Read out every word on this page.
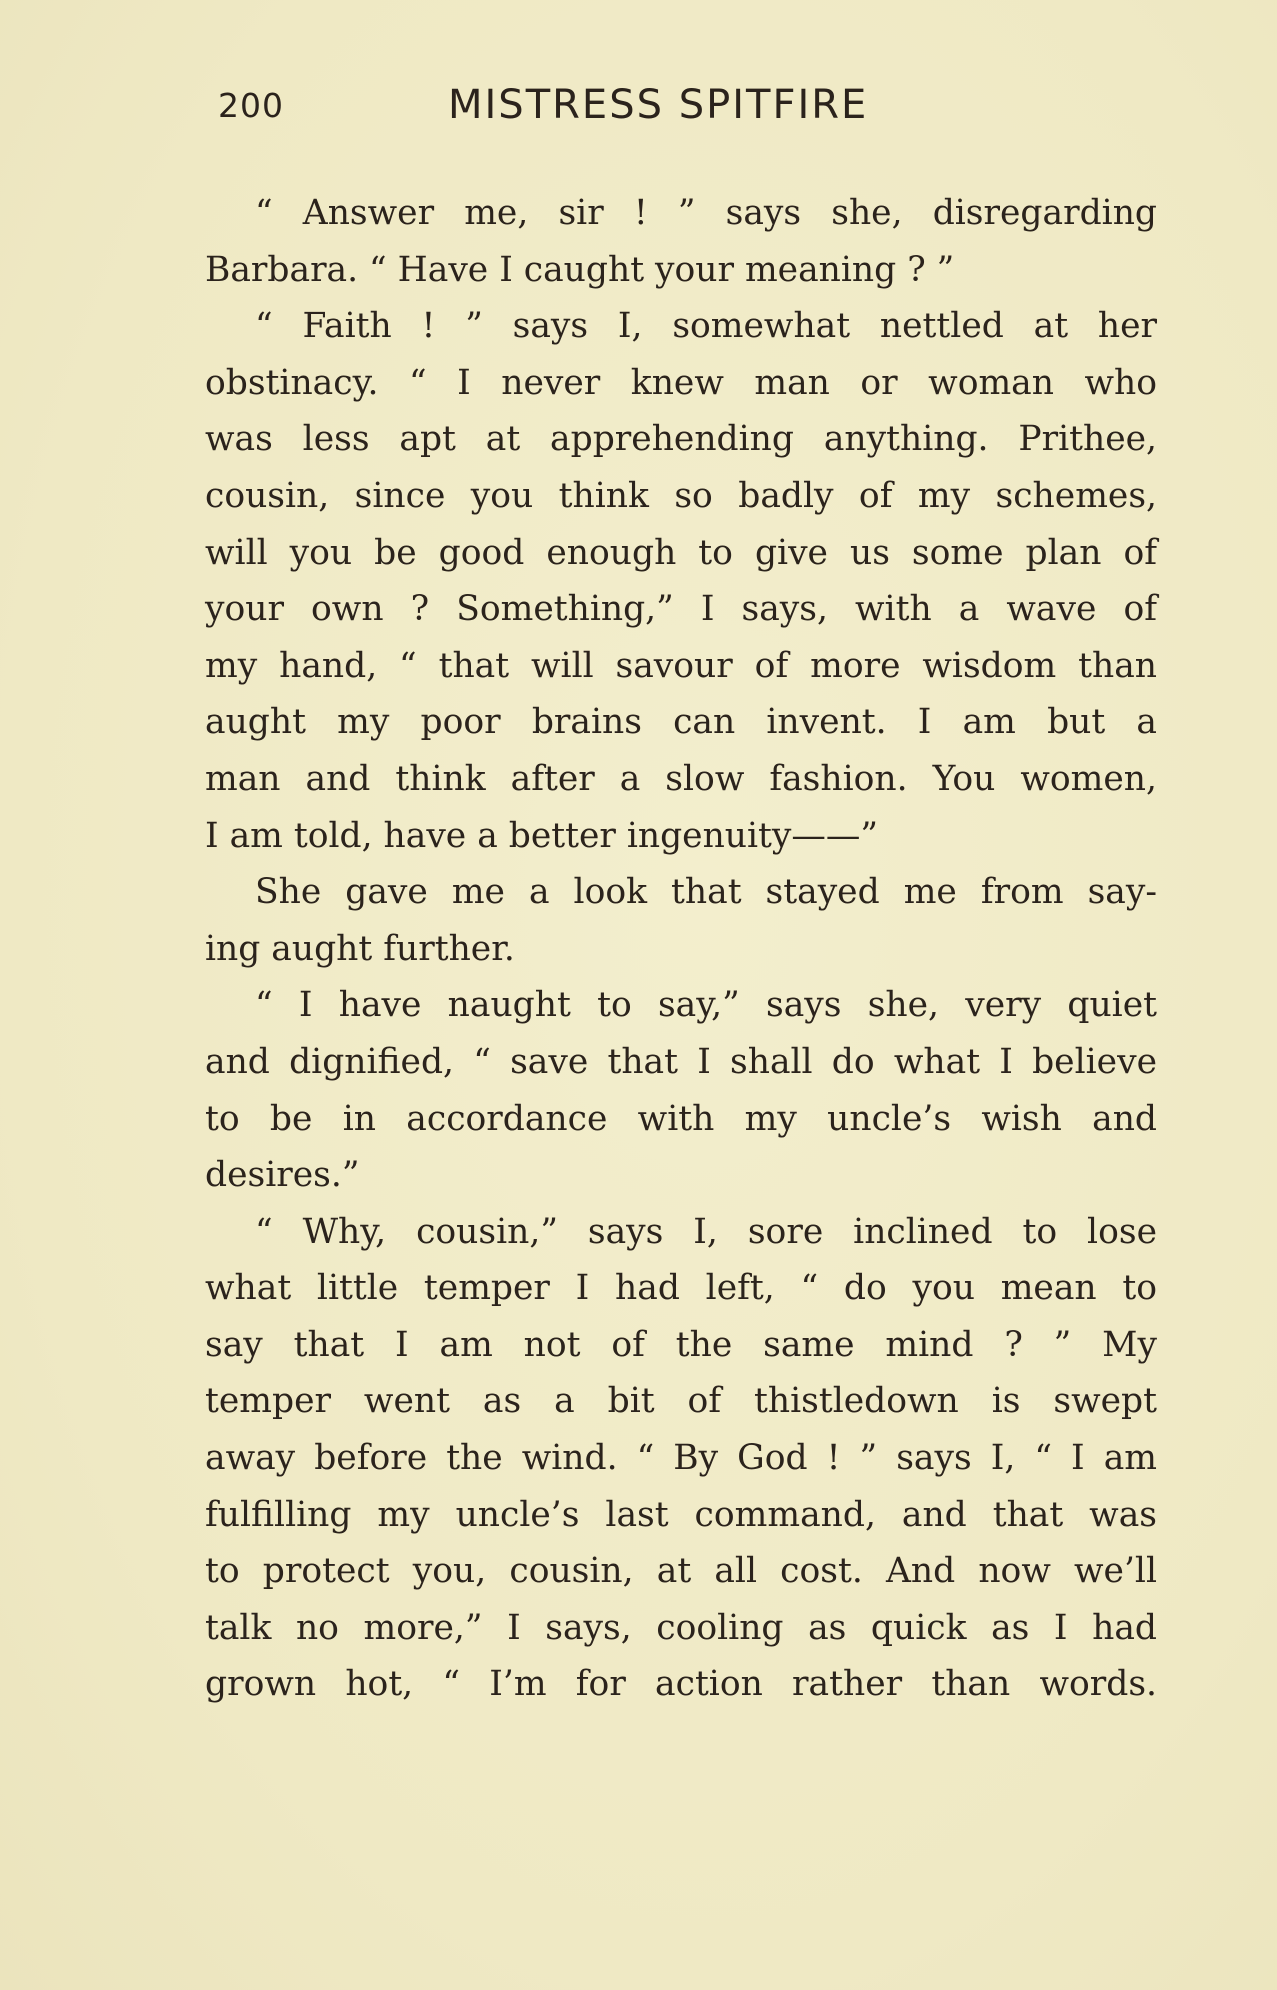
200	MISTRESS SPITFIRE
“ Answer me, sir ! ” says she, disregarding
Barbara. “ Have I caught your meaning ? ”
“ Faith ! ” says I, somewhat nettled at her
obstinacy. “ I never knew man or woman who
was less apt at apprehending anything. Prithee,
cousin, since you think so badly of my schemes,
will you be good enough to give us some plan of
your own ? Something,” I says, with a wave of
my hand, “ that will savour of more wisdom than
aught my poor brains can invent. I am but a
man and think after a slow fashion. You women,
I am told, have a better ingenuity——”
She gave me a look that stayed me from say-
ing aught further.
“ I have naught to say,” says she, very quiet
and dignified, “ save that I shall do what I believe
to be in accordance with my uncle’s wish and
desires.”
“ Why, cousin,” says I, sore inclined to lose
what little temper I had left, “ do you mean to
say that I am not of the same mind ? ” My
temper went as a bit of thistledown is swept
away before the wind. “ By God ! ” says I, “ I am
fulfilling my uncle’s last command, and that was
to protect you, cousin, at all cost. And now we’ll
talk no more,” I says, cooling as quick as I had
grown hot, “ I’m for action rather than words.
